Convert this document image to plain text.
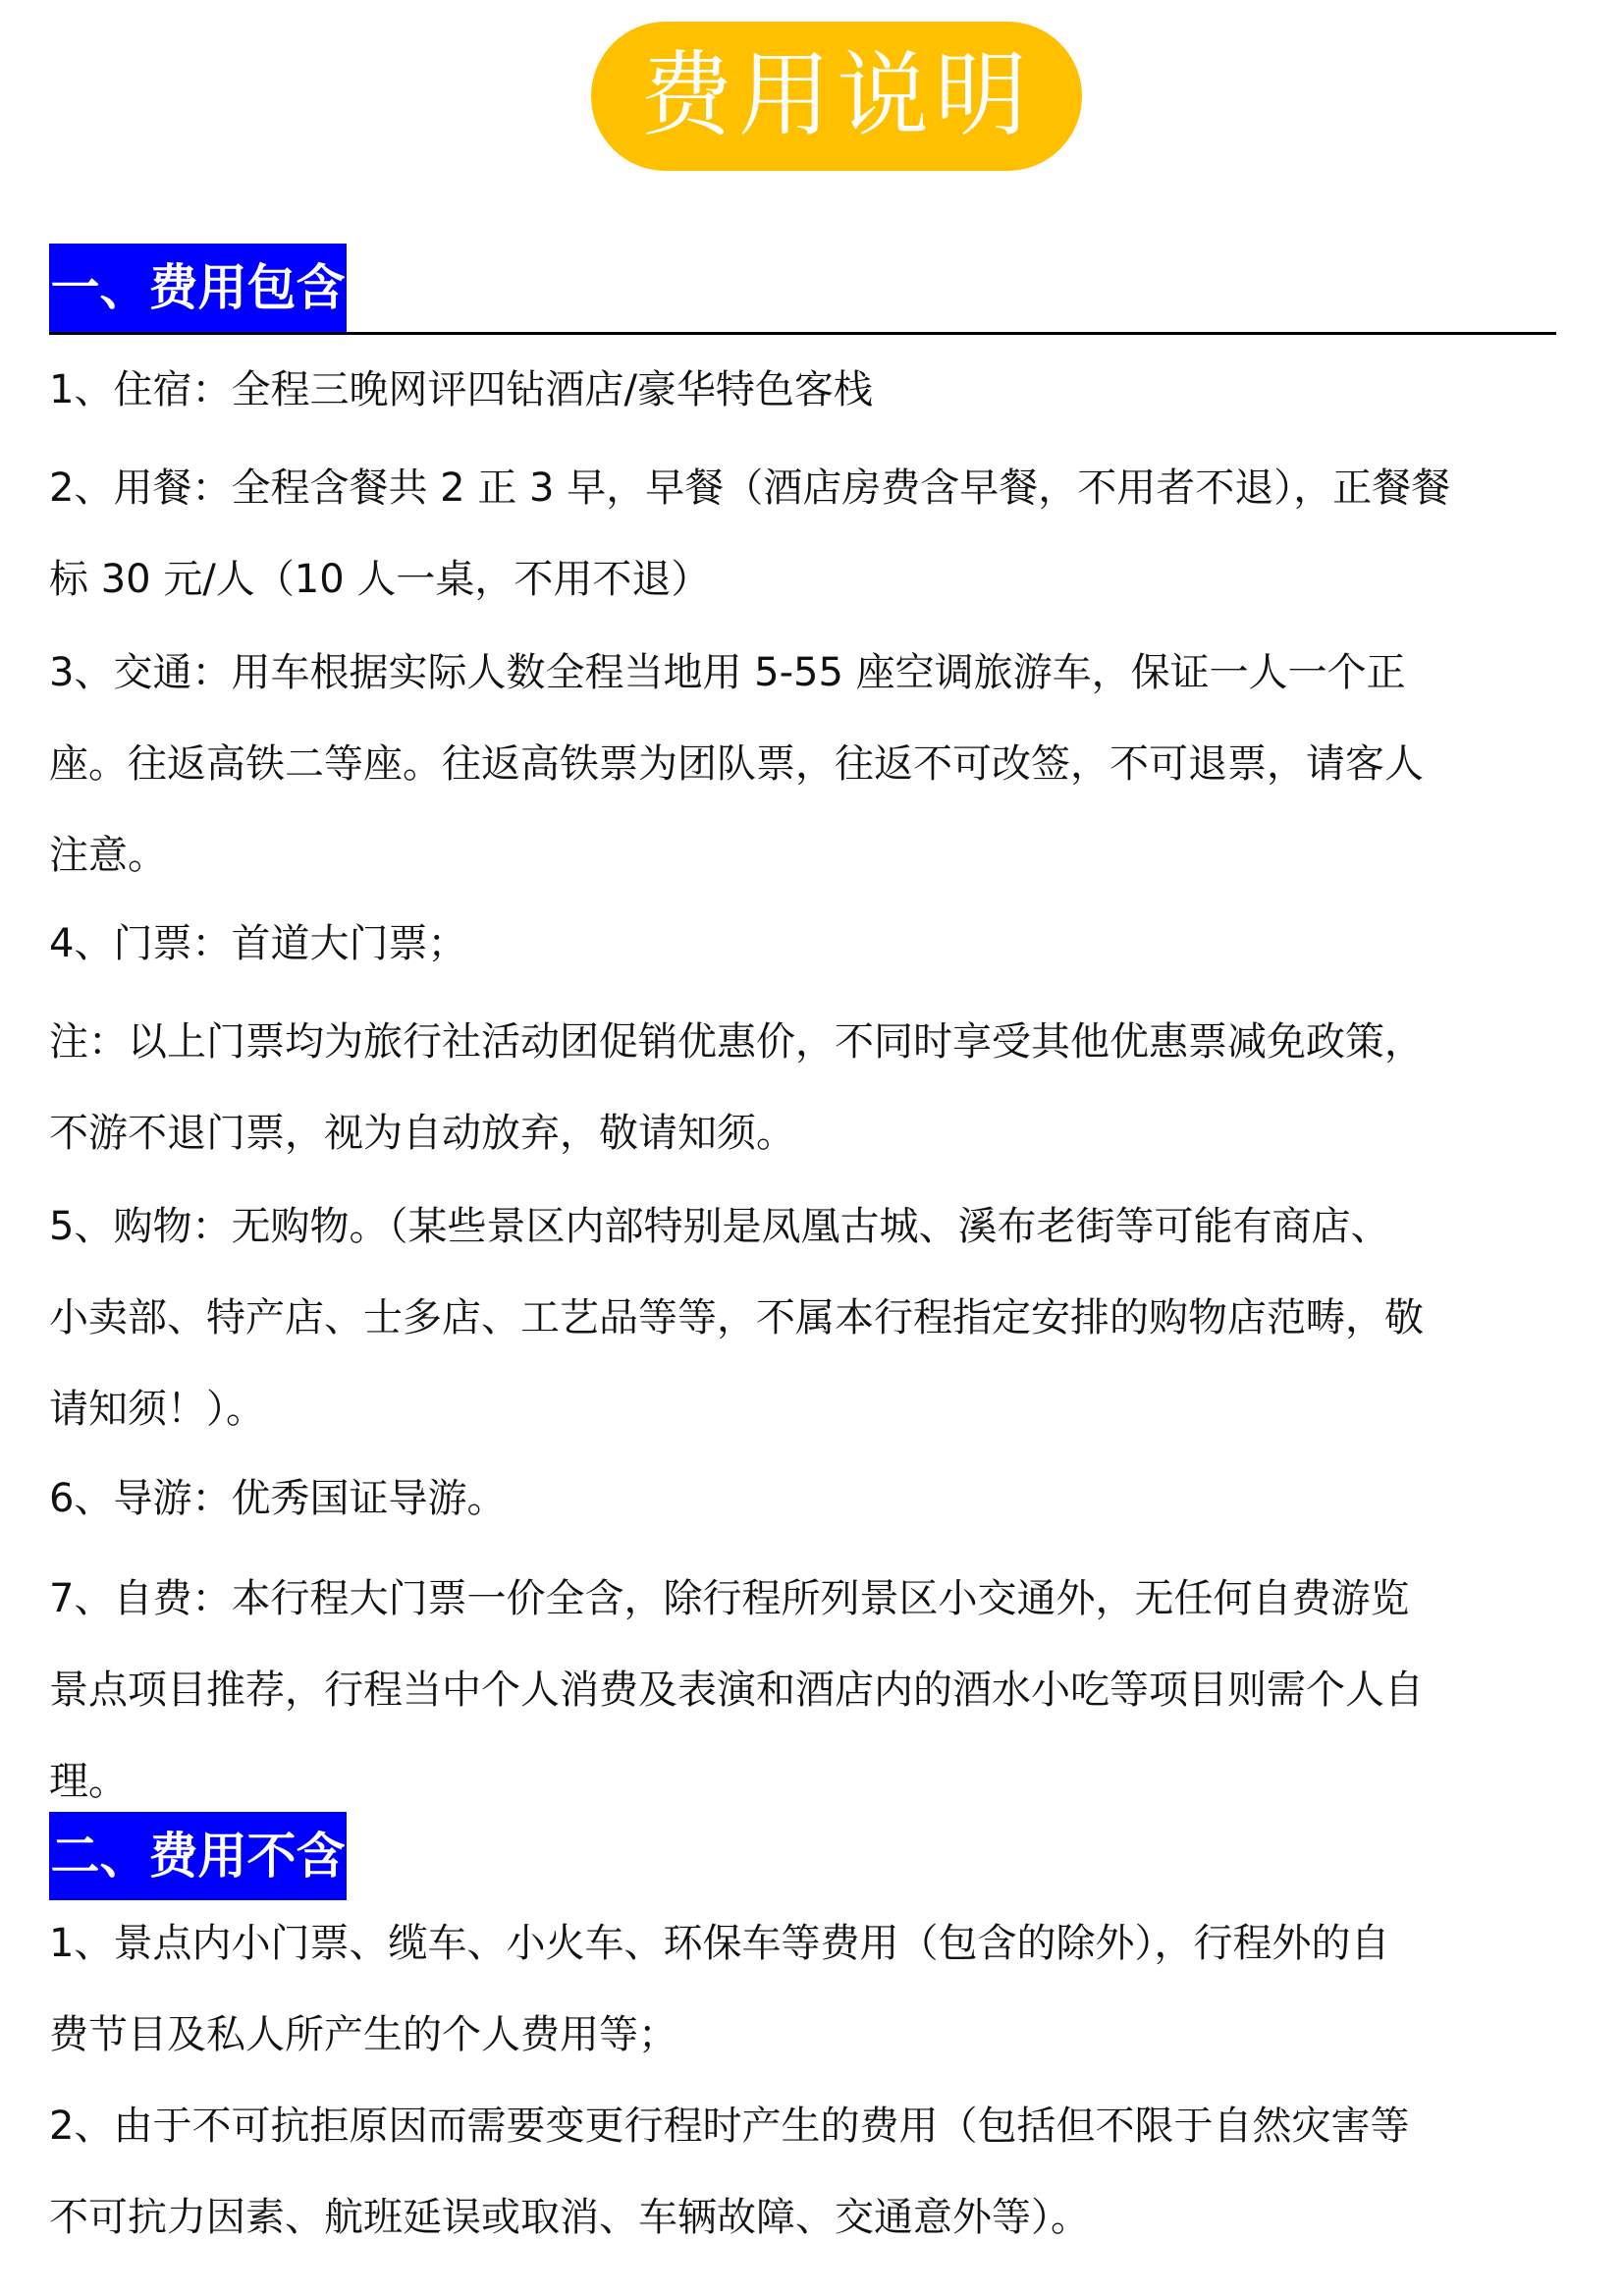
费用说明
一、费用包含

1、住宿：全程三晚网评四钻酒店/豪华特色客栈

2、用餐：全程含餐共 2 正 3 早，早餐（酒店房费含早餐，不用者不退），正餐餐
标 30 元/人（10 人一桌，不用不退）

3、交通：用车根据实际人数全程当地用 5-55 座空调旅游车，保证一人一个正
座。往返高铁二等座。往返高铁票为团队票，往返不可改签，不可退票，请客人
注意。

4、门票：首道大门票；

注：以上门票均为旅行社活动团促销优惠价，不同时享受其他优惠票减免政策，
不游不退门票，视为自动放弃，敬请知须。

5、购物：无购物。（某些景区内部特别是凤凰古城、溪布老街等可能有商店、
小卖部、特产店、士多店、工艺品等等，不属本行程指定安排的购物店范畴，敬
请知须！）。

6、导游：优秀国证导游。

7、自费：本行程大门票一价全含，除行程所列景区小交通外，无任何自费游览
景点项目推荐，行程当中个人消费及表演和酒店内的酒水小吃等项目则需个人自
理。

二、费用不含

1、景点内小门票、缆车、小火车、环保车等费用（包含的除外），行程外的自
费节目及私人所产生的个人费用等；

2、由于不可抗拒原因而需要变更行程时产生的费用（包括但不限于自然灾害等
不可抗力因素、航班延误或取消、车辆故障、交通意外等）。
